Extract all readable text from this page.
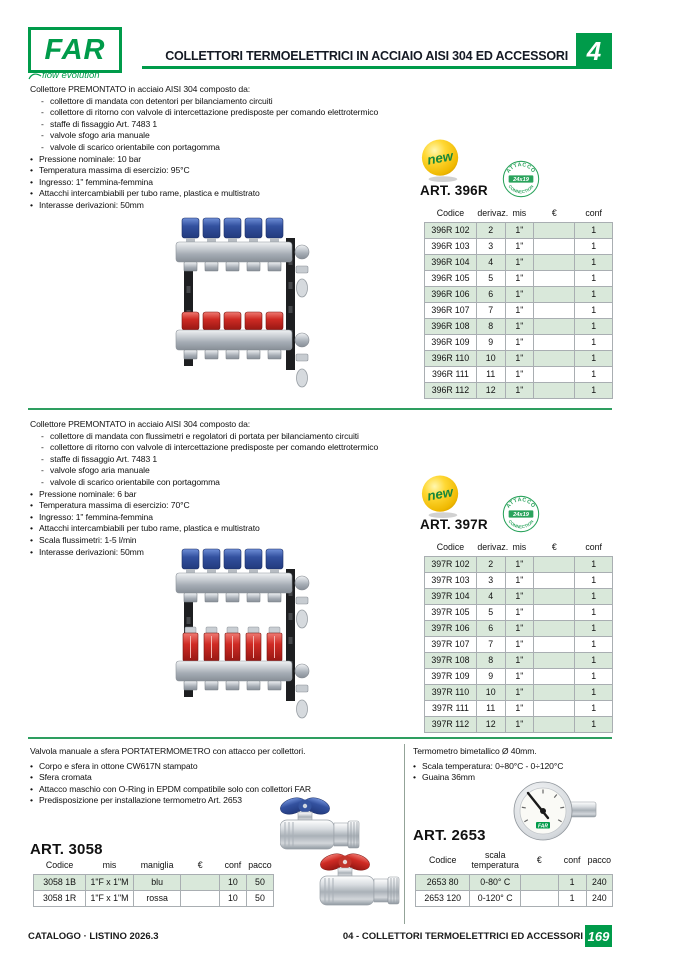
FAR
flow evolution
COLLETTORI TERMOELETTRICI IN ACCIAIO AISI 304 ED ACCESSORI 4
Collettore PREMONTATO in acciaio AISI 304 composto da:
- collettore di mandata con detentori per bilanciamento circuiti
- collettore di ritorno con valvole di intercettazione predisposte per comando elettrotermico
- staffe di fissaggio Art. 7483 1
- valvole sfogo aria manuale
- valvole di scarico orientabile con portagomma
• Pressione nominale: 10 bar
• Temperatura massima di esercizio: 95°C
• Ingresso: 1" femmina-femmina
• Attacchi intercambiabili per tubo rame, plastica e multistrato
• Interasse derivazioni: 50mm
new
ART. 396R
ATTACCO
CONNECTION
24x19
Codice	derivaz.	mis	€	conf
396R 102	2	1"		1
396R 103	3	1"		1
396R 104	4	1"		1
396R 105	5	1"		1
396R 106	6	1"		1
396R 107	7	1"		1
396R 108	8	1"		1
396R 109	9	1"		1
396R 110	10	1"		1
396R 111	11	1"		1
396R 112	12	1"		1
Collettore PREMONTATO in acciaio AISI 304 composto da:
- collettore di mandata con flussimetri e regolatori di portata per bilanciamento circuiti
- collettore di ritorno con valvole di intercettazione predisposte per comando elettrotermico
- staffe di fissaggio Art. 7483 1
- valvole sfogo aria manuale
- valvole di scarico orientabile con portagomma
• Pressione nominale: 6 bar
• Temperatura massima di esercizio: 70°C
• Ingresso: 1" femmina-femmina
• Attacchi intercambiabili per tubo rame, plastica e multistrato
• Scala flussimetri: 1-5 l/min
• Interasse derivazioni: 50mm
new
ART. 397R
ATTACCO
CONNECTION
24x19
Codice	derivaz.	mis	€	conf
397R 102	2	1"		1
397R 103	3	1"		1
397R 104	4	1"		1
397R 105	5	1"		1
397R 106	6	1"		1
397R 107	7	1"		1
397R 108	8	1"		1
397R 109	9	1"		1
397R 110	10	1"		1
397R 111	11	1"		1
397R 112	12	1"		1
Valvola manuale a sfera PORTATERMOMETRO con attacco per collettori.
• Corpo e sfera in ottone CW617N stampato
• Sfera cromata
• Attacco maschio con O-Ring in EPDM compatibile solo con collettori FAR
• Predisposizione per installazione termometro Art. 2653
ART. 3058
Codice	mis	maniglia	€	conf	pacco
3058 1B	1"F x 1"M	blu		10	50
3058 1R	1"F x 1"M	rossa		10	50
Termometro bimetallico Ø 40mm.
• Scala temperatura: 0÷80°C - 0÷120°C
• Guaina 36mm
FAR
ART. 2653
Codice	scala temperatura	€	conf	pacco
2653 80	0-80° C		1	240
2653 120	0-120° C		1	240
CATALOGO · LISTINO 2026.3	04 - COLLETTORI TERMOELETTRICI ED ACCESSORI 169
